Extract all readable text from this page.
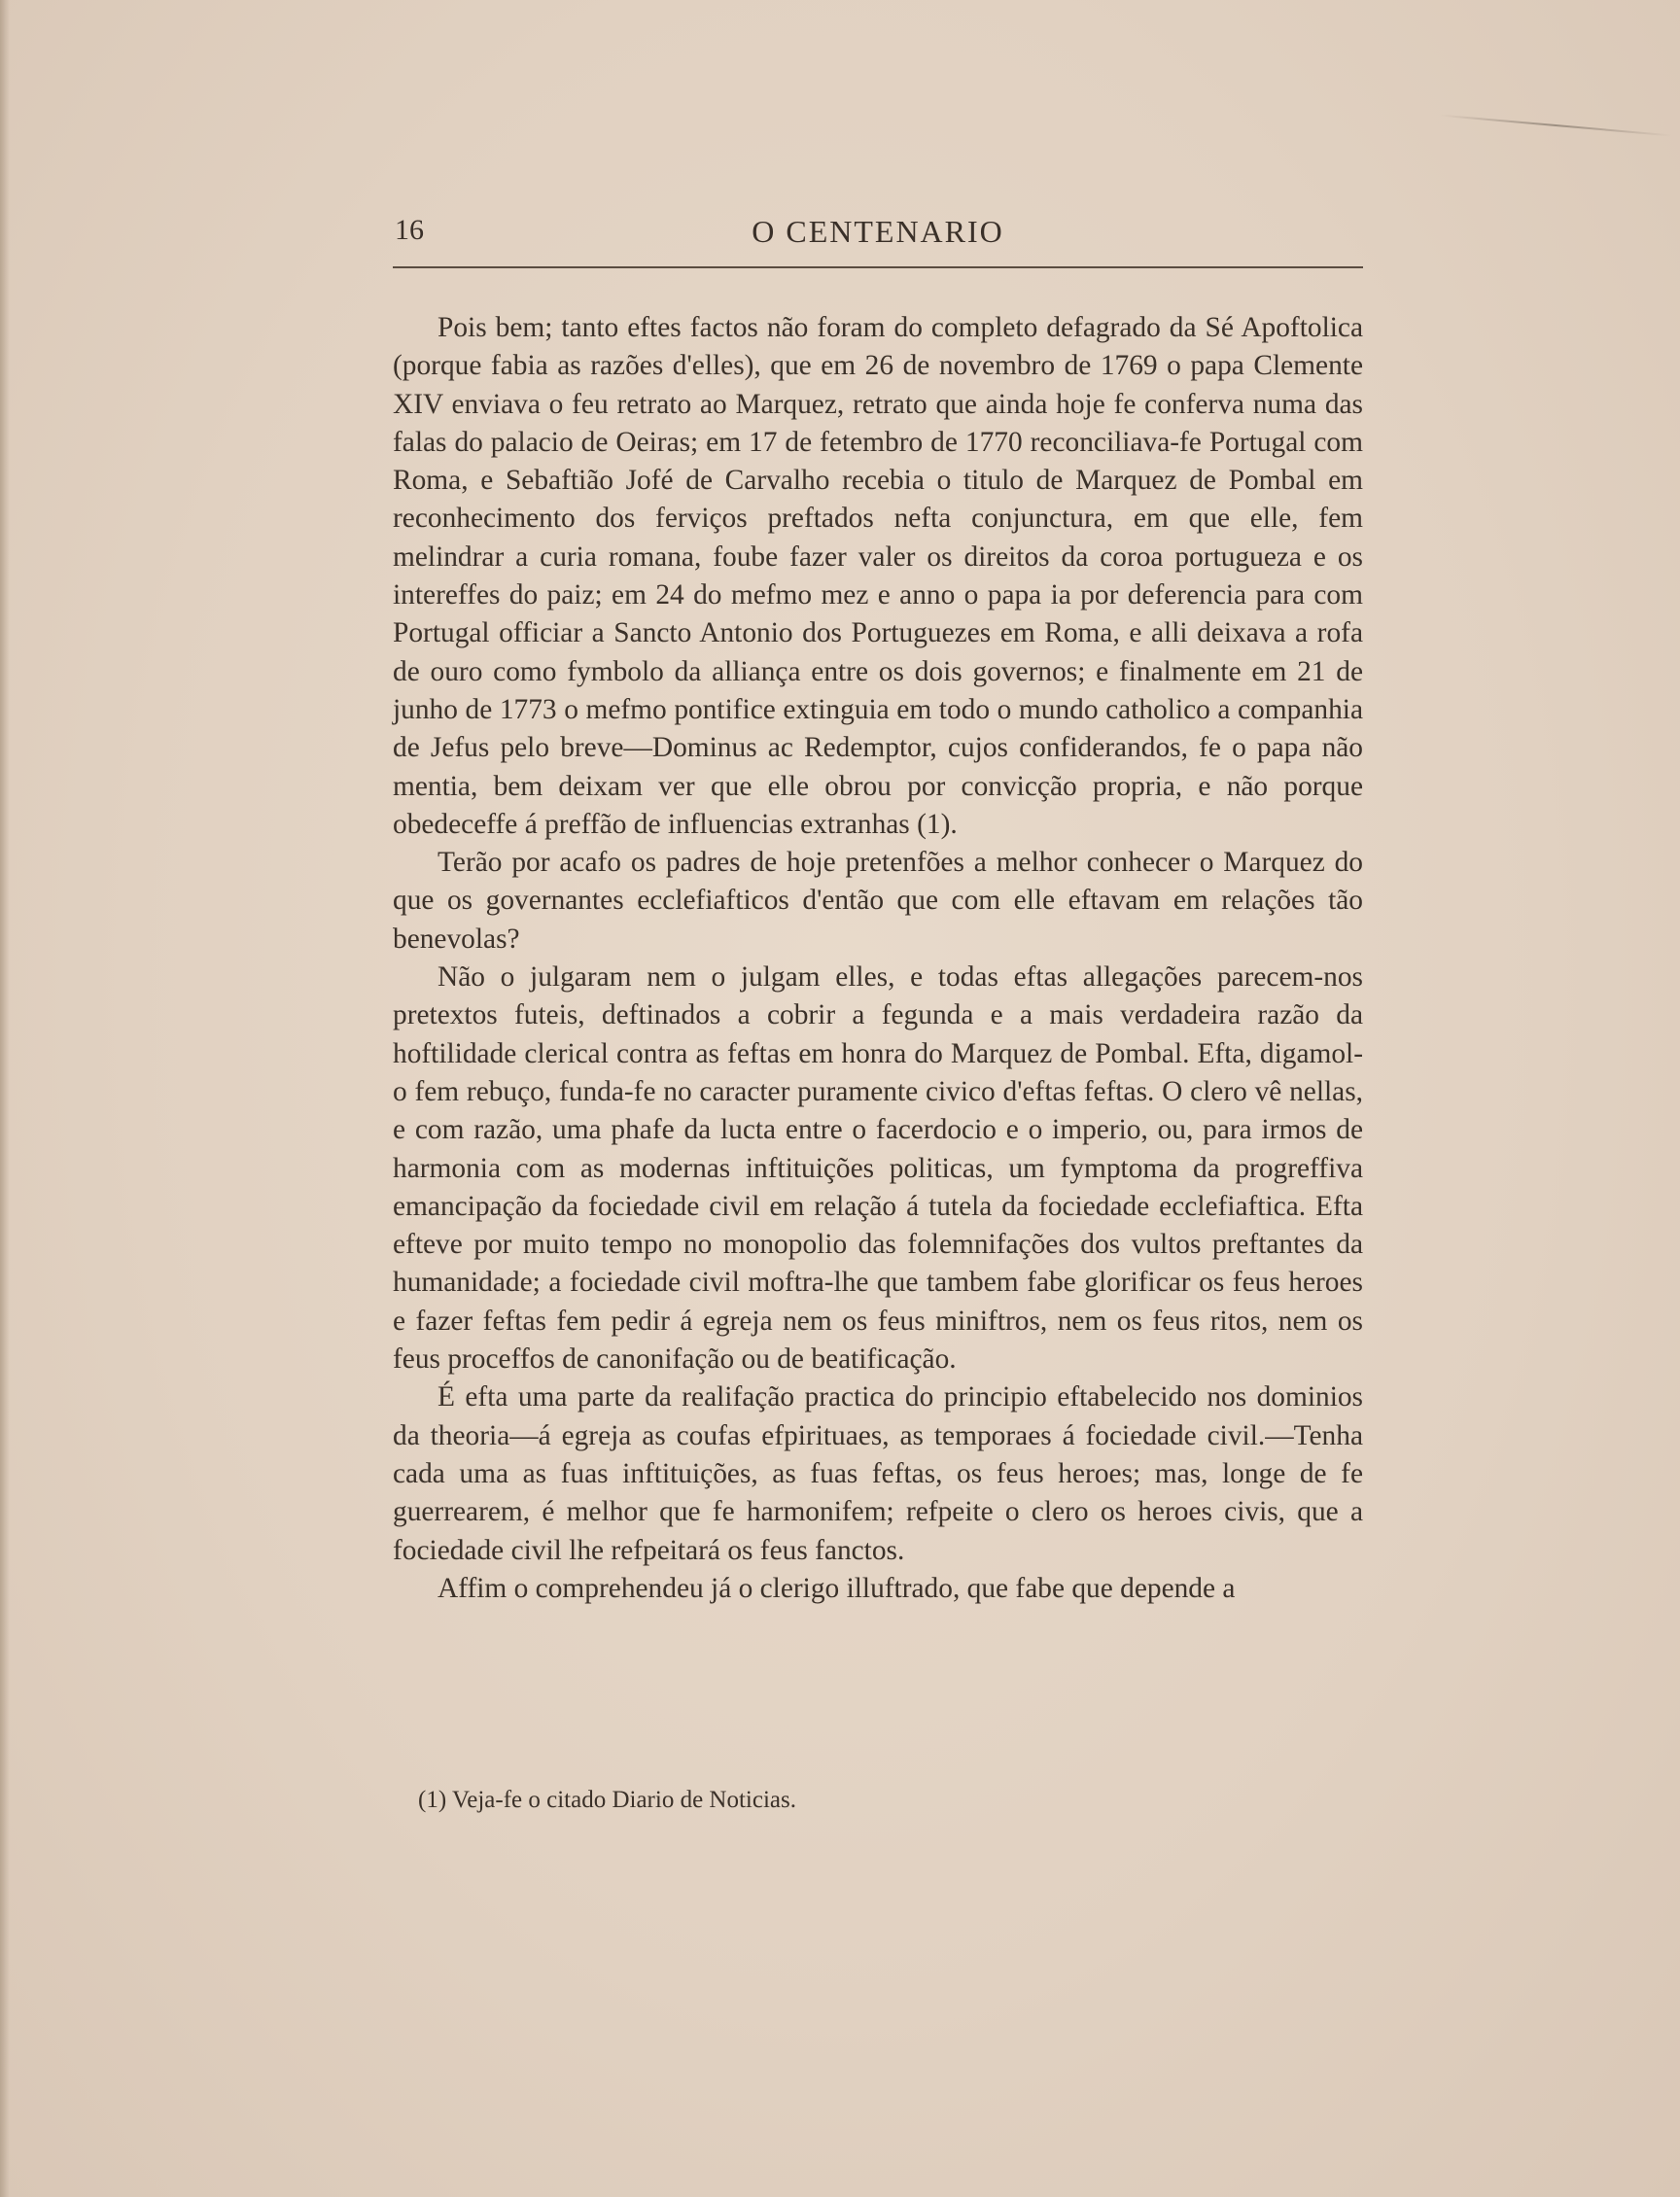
16	O CENTENARIO

Pois bem; tanto eftes factos não foram do completo defagrado da Sé Apoftolica (porque fabia as razões d'elles), que em 26 de novembro de 1769 o papa Clemente XIV enviava o feu retrato ao Marquez, retrato que ainda hoje fe conferva numa das falas do palacio de Oeiras; em 17 de fetembro de 1770 reconciliava-fe Portugal com Roma, e Sebaftião Jofé de Carvalho recebia o titulo de Marquez de Pombal em reconhecimento dos ferviços preftados nefta conjunctura, em que elle, fem melindrar a curia romana, foube fazer valer os direitos da coroa portugueza e os intereffes do paiz; em 24 do mefmo mez e anno o papa ia por deferencia para com Portugal officiar a Sancto Antonio dos Portuguezes em Roma, e alli deixava a rofa de ouro como fymbolo da alliança entre os dois governos; e finalmente em 21 de junho de 1773 o mefmo pontifice extinguia em todo o mundo catholico a companhia de Jefus pelo breve—Dominus ac Redemptor, cujos confiderandos, fe o papa não mentia, bem deixam ver que elle obrou por convicção propria, e não porque obedeceffe á preffão de influencias extranhas (1).

Terão por acafo os padres de hoje pretenfões a melhor conhecer o Marquez do que os governantes ecclefiafticos d'então que com elle eftavam em relações tão benevolas?

Não o julgaram nem o julgam elles, e todas eftas allegações parecem-nos pretextos futeis, deftinados a cobrir a fegunda e a mais verdadeira razão da hoftilidade clerical contra as feftas em honra do Marquez de Pombal. Efta, digamol-o fem rebuço, funda-fe no caracter puramente civico d'eftas feftas. O clero vê nellas, e com razão, uma phafe da lucta entre o facerdocio e o imperio, ou, para irmos de harmonia com as modernas inftituições politicas, um fymptoma da progreffiva emancipação da fociedade civil em relação á tutela da fociedade ecclefiaftica. Efta efteve por muito tempo no monopolio das folemnifações dos vultos preftantes da humanidade; a fociedade civil moftra-lhe que tambem fabe glorificar os feus heroes e fazer feftas fem pedir á egreja nem os feus miniftros, nem os feus ritos, nem os feus proceffos de canonifação ou de beatificação.

É efta uma parte da realifação practica do principio eftabelecido nos dominios da theoria—á egreja as coufas efpirituaes, as temporaes á fociedade civil.—Tenha cada uma as fuas inftituições, as fuas feftas, os feus heroes; mas, longe de fe guerrearem, é melhor que fe harmonifem; refpeite o clero os heroes civis, que a fociedade civil lhe refpeitará os feus fanctos.

Affim o comprehendeu já o clerigo illuftrado, que fabe que depende a

(1) Veja-fe o citado Diario de Noticias.
